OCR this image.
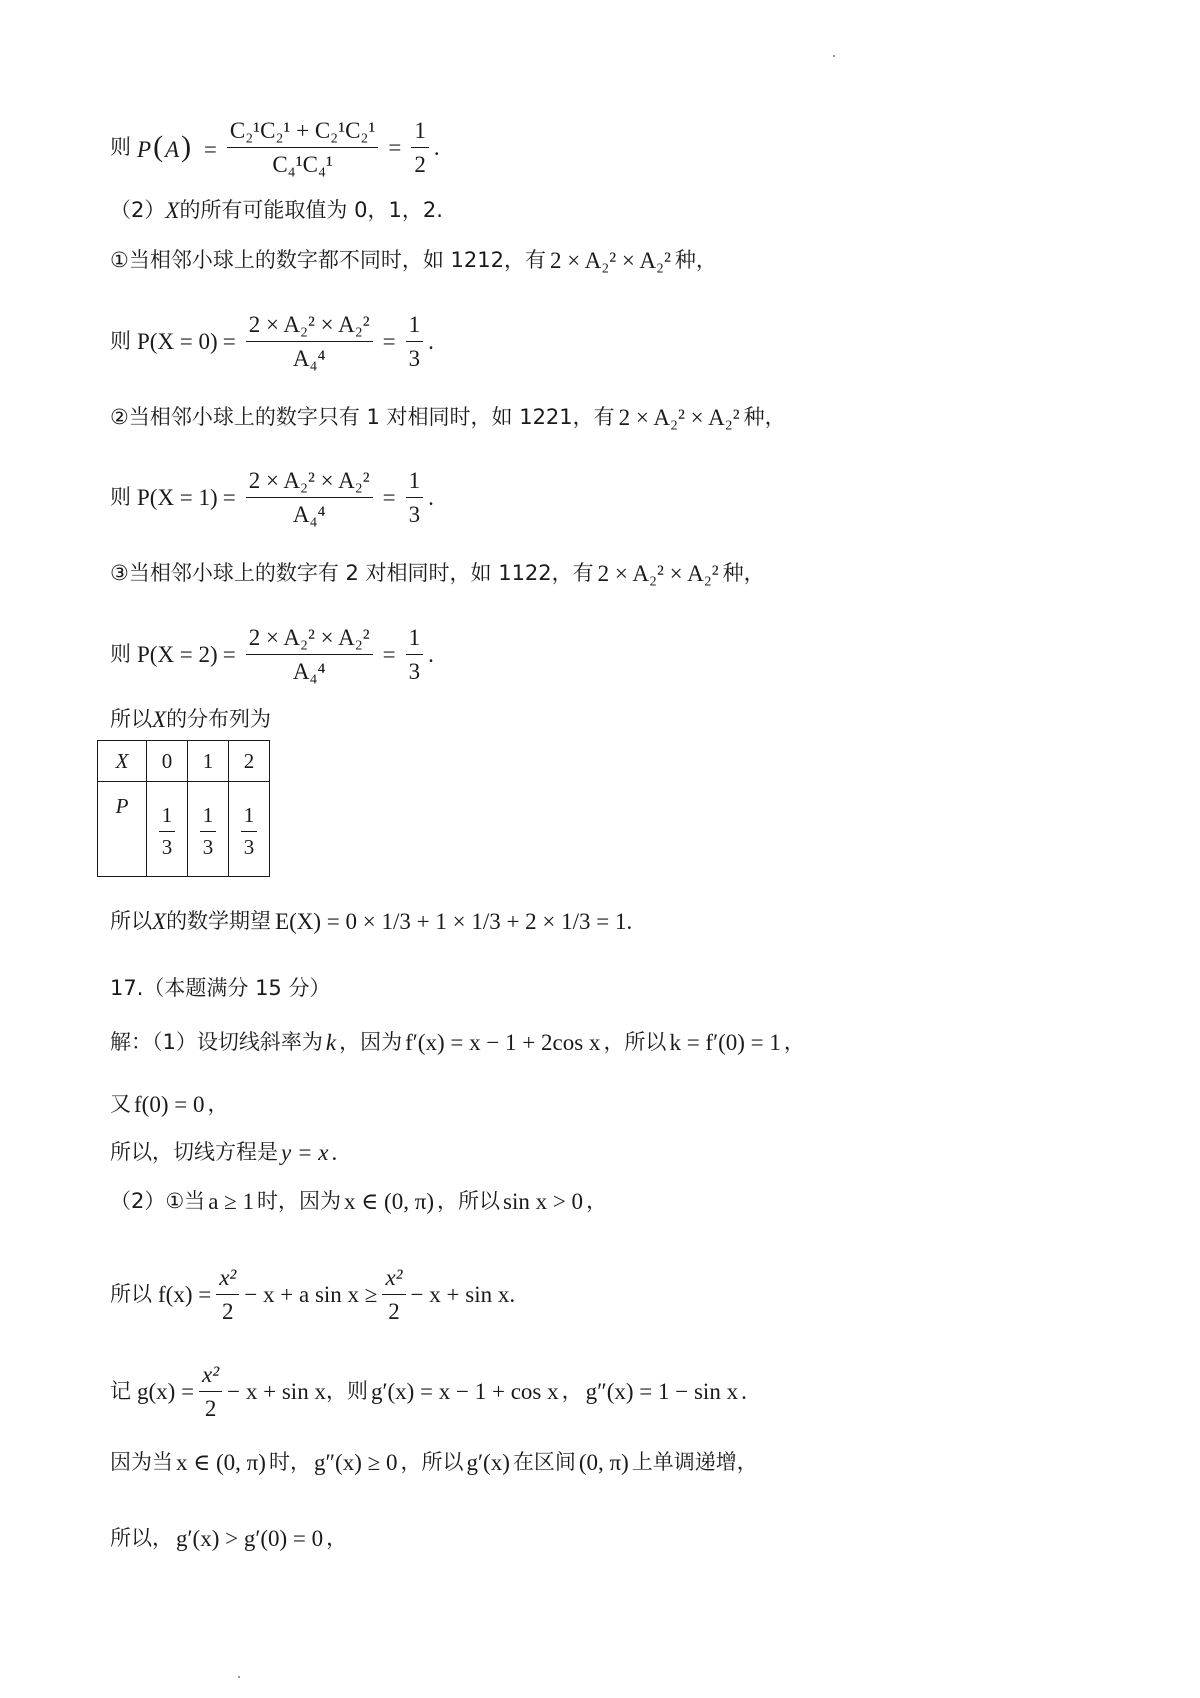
则 $P(A) = \frac{\text{C₂¹C₂¹ + C₂¹C₂¹}}{\text{C₄¹C₄¹}} = \frac{1}{2}$ .
（2） X 的所有可能取值为 0，1，2.
①当相邻小球上的数字都不同时，如 1212，有 2 × A₂² × A₂² 种，
则 $P(X = 0) = \frac{\text{2 × A₂² × A₂²}}{\text{A₄⁴}} = \frac{1}{3}$ .
②当相邻小球上的数字只有 1 对相同时，如 1221，有 2 × A₂² × A₂² 种，
则 $P(X = 1) = \frac{\text{2 × A₂² × A₂²}}{\text{A₄⁴}} = \frac{1}{3}$ .
③当相邻小球上的数字有 2 对相同时，如 1122，有 2 × A₂² × A₂² 种，
则 $P(X = 2) = \frac{\text{2 × A₂² × A₂²}}{\text{A₄⁴}} = \frac{1}{3}$ .
所以 X 的分布列为
X	0	1	2
P	$\frac{1}{3}$	$\frac{1}{3}$	$\frac{1}{3}$
所以 X 的数学期望 E(X) = 0 × 1/3 + 1 × 1/3 + 2 × 1/3 = 1 .
17.（本题满分 15 分）
解：（1）设切线斜率为 k ，因为 f′(x) = x − 1 + 2cos x ，所以 k = f′(0) = 1 ，
又 f(0) = 0 ，
所以，切线方程是 y = x .
（2）①当 a ≥ 1 时，因为 x ∈ (0, π) ，所以 sin x > 0 ，
所以 $f(x) = \frac{\text{x²}}{2} - x + a$ $\sin x \ge \frac{\text{x²}}{2} - x + \sin x$ .
记 $g(x) = \frac{\text{x²}}{2} - x + \sin x$ ，则 g′(x) = x − 1 + cos x ， g″(x) = 1 − sin x .
因为当 x ∈ (0, π) 时， g″(x) ≥ 0 ，所以 g′(x) 在区间 (0, π) 上单调递增，
所以， g′(x) > g′(0) = 0 ，
